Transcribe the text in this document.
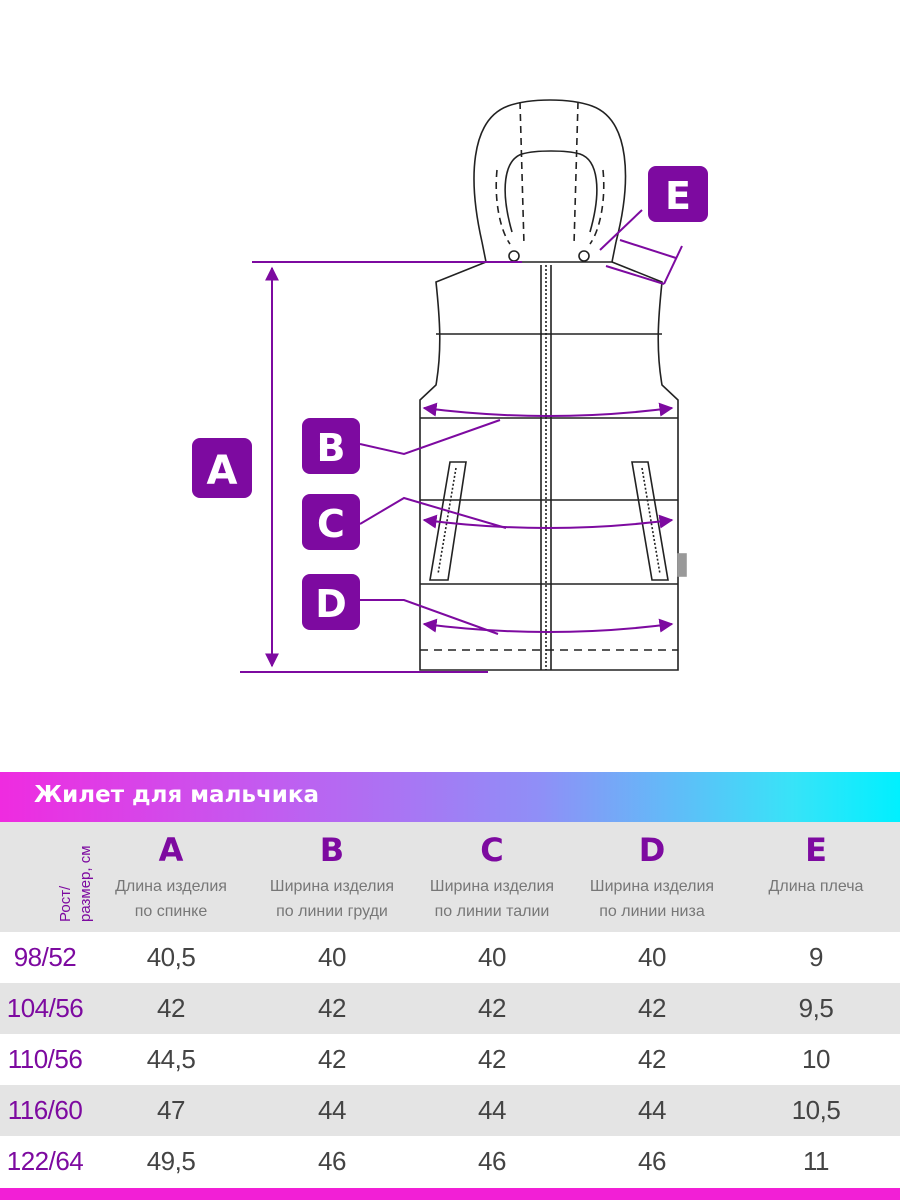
A B
C
D
E
Жилет для мальчика
Рост/ размер, см	A
Длина изделия
по спинке	B
Ширина изделия
по линии груди	C
Ширина изделия
по линии талии	D
Ширина изделия
по линии низа	E
Длина плеча

98/52	40,5	40	40	40	9
104/56	42	42	42	42	9,5
110/56	44,5	42	42	42	10
116/60	47	44	44	44	10,5
122/64	49,5	46	46	46	11
